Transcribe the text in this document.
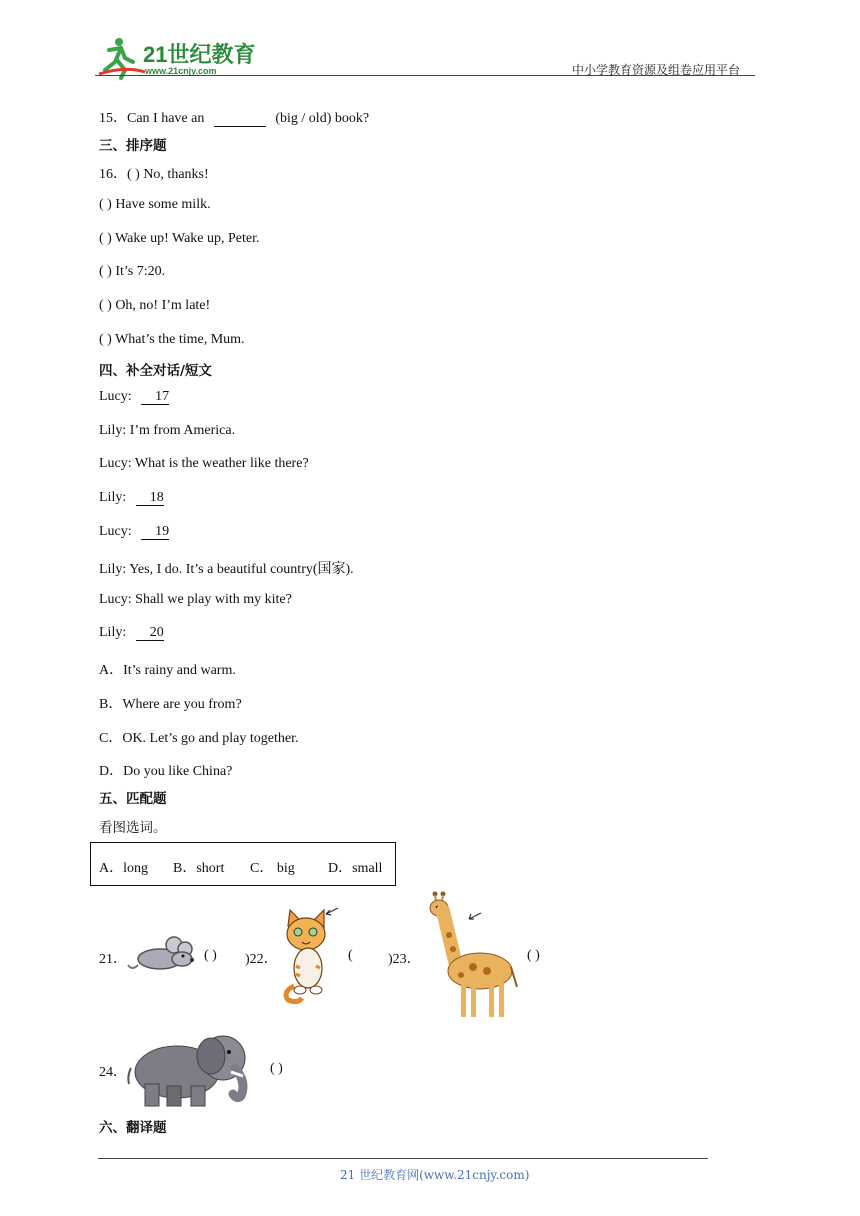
21世纪教育
www.21cnjy.com	中小学教育资源及组卷应用平台
15．Can I have an	(big / old) book?
三、排序题
16．( ) No, thanks!
( ) Have some milk.
( ) Wake up! Wake up, Peter.
( ) It’s 7:20.
( ) Oh, no! I’m late!
( ) What’s the time, Mum.
四、补全对话/短文
Lucy: 17
Lily: I’m from America.
Lucy: What is the weather like there?
Lily: 18
Lucy: 19
Lily: Yes, I do. It’s a beautiful country(国家).
Lucy: Shall we play with my kite?
Lily: 20
A．It’s rainy and warm.
B．Where are you from?
C．OK. Let’s go and play together.
D．Do you like China?
五、匹配题
看图选词。
A．long B．short C． big D．small
21．	( ) )22．	(	)23．	( )
24．	( )
六、翻译题
21 世纪教育网(www.21cnjy.com)
